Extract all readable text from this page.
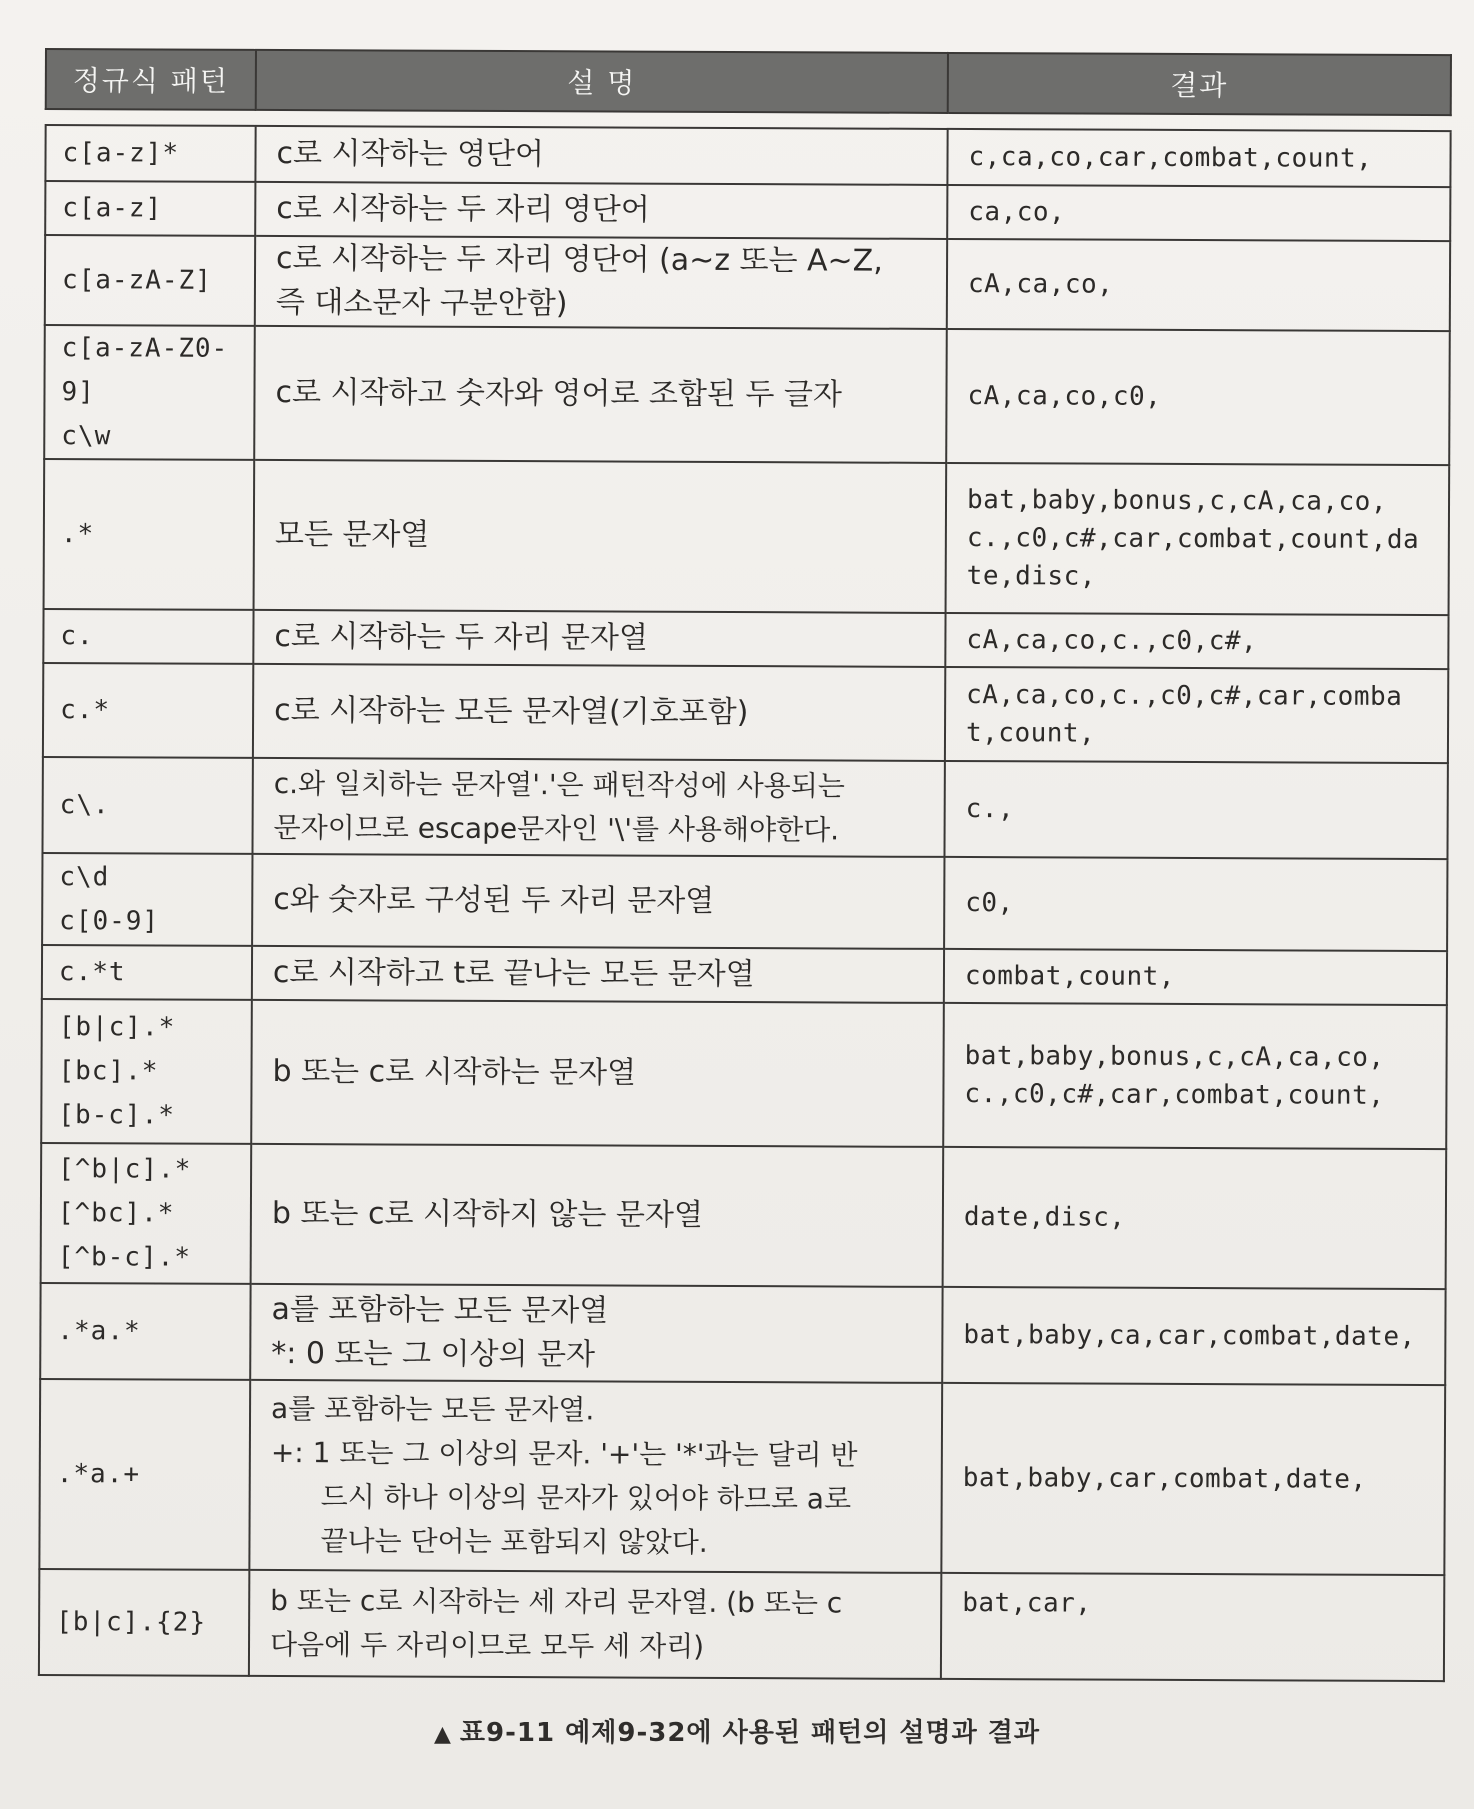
정규식 패턴	설 명	결과

c[a-z]*	c로 시작하는 영단어	c,ca,co,car,combat,count,

c[a-z]	c로 시작하는 두 자리 영단어	ca,co,

c[a-zA-Z]	c로 시작하는 두 자리 영단어 (a~z 또는 A~Z,
즉 대소문자 구분안함)	cA,ca,co,

c[a-zA-Z0-9]
c\w	c로 시작하고 숫자와 영어로 조합된 두 글자	cA,ca,co,c0,

.*	모든 문자열	bat,baby,bonus,c,cA,ca,co,c.,c0,c#,car,combat,count,date,disc,

c.	c로 시작하는 두 자리 문자열	cA,ca,co,c.,c0,c#,

c.*	c로 시작하는 모든 문자열(기호포함)	cA,ca,co,c.,c0,c#,car,combat,count,

c\.	c.와 일치하는 문자열'.'은 패턴작성에 사용되는
문자이므로 escape문자인 '\'를 사용해야한다.	c.,

c\d
c[0-9]	c와 숫자로 구성된 두 자리 문자열	c0,

c.*t	c로 시작하고 t로 끝나는 모든 문자열	combat,count,

[b|c].*
[bc].*
[b-c].*	b 또는 c로 시작하는 문자열	bat,baby,bonus,c,cA,ca,co,c.,c0,c#,car,combat,count,

[^b|c].*
[^bc].*
[^b-c].*	b 또는 c로 시작하지 않는 문자열	date,disc,

.*a.*	a를 포함하는 모든 문자열
*: 0 또는 그 이상의 문자	bat,baby,ca,car,combat,date,

.*a.+	a를 포함하는 모든 문자열.
+: 1 또는 그 이상의 문자. '+'는 '*'과는 달리 반
드시 하나 이상의 문자가 있어야 하므로 a로
끝나는 단어는 포함되지 않았다.	bat,baby,car,combat,date,

[b|c].{2}	b 또는 c로 시작하는 세 자리 문자열. (b 또는 c
다음에 두 자리이므로 모두 세 자리)	bat,car,
▲ 표9-11 예제9-32에 사용된 패턴의 설명과 결과
